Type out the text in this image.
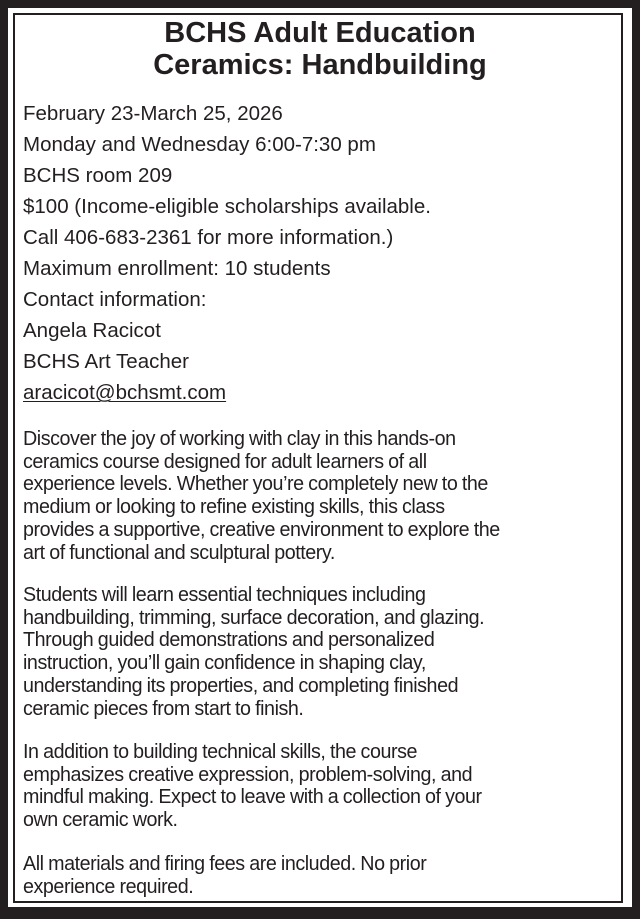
BCHS Adult Education
Ceramics: Handbuilding
February 23-March 25, 2026
Monday and Wednesday 6:00-7:30 pm
BCHS room 209
$100 (Income-eligible scholarships available.
Call 406-683-2361 for more information.)
Maximum enrollment: 10 students
Contact information:
Angela Racicot
BCHS Art Teacher
aracicot@bchsmt.com
Discover the joy of working with clay in this hands-on
ceramics course designed for adult learners of all
experience levels. Whether you’re completely new to the
medium or looking to refine existing skills, this class
provides a supportive, creative environment to explore the
art of functional and sculptural pottery.
Students will learn essential techniques including
handbuilding, trimming, surface decoration, and glazing.
Through guided demonstrations and personalized
instruction, you’ll gain confidence in shaping clay,
understanding its properties, and completing finished
ceramic pieces from start to finish.
In addition to building technical skills, the course
emphasizes creative expression, problem-solving, and
mindful making. Expect to leave with a collection of your
own ceramic work.
All materials and firing fees are included. No prior
experience required.
